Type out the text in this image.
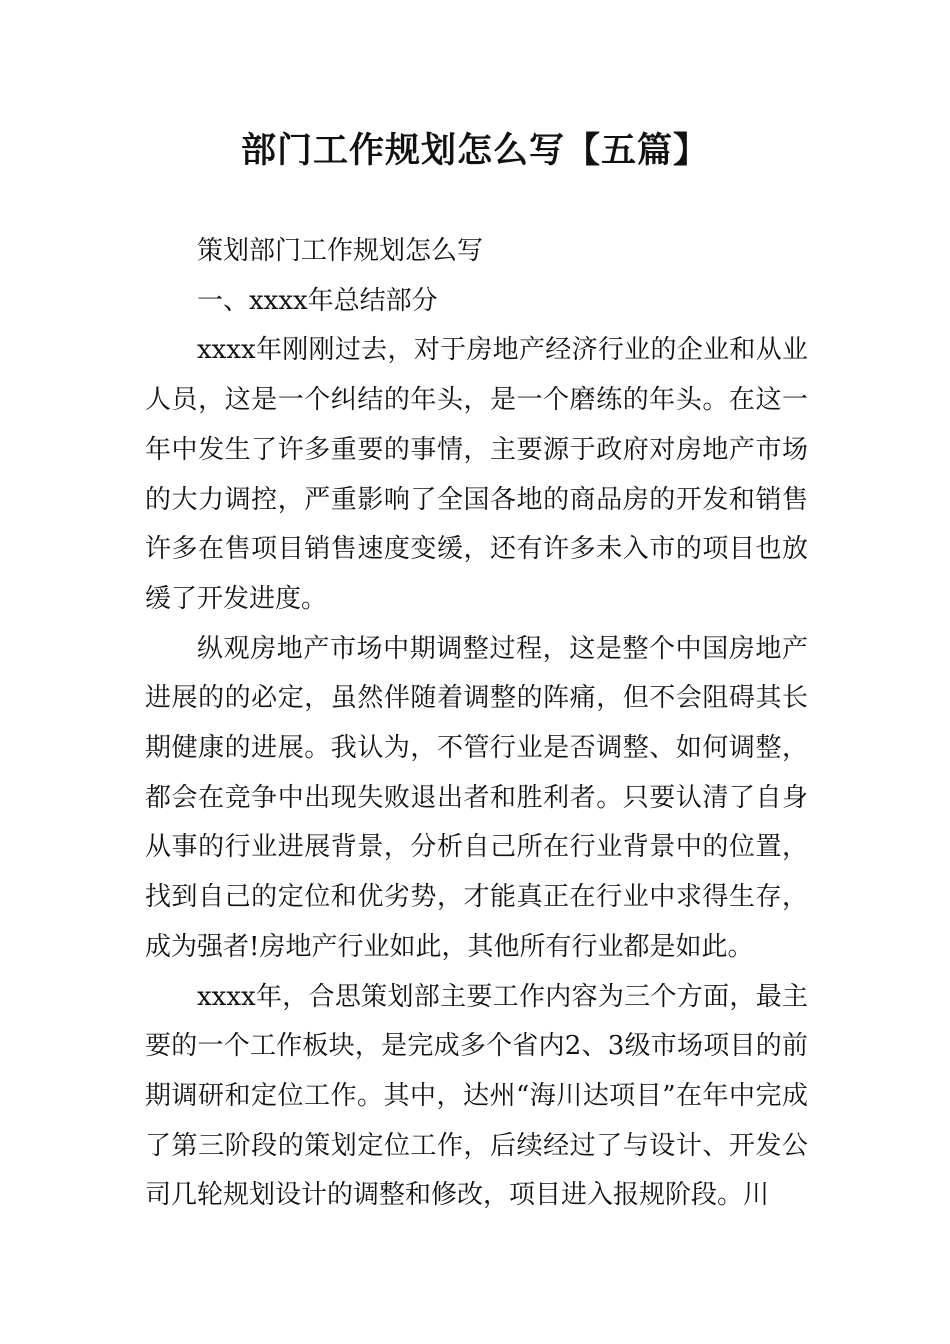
部门工作规划怎么写【五篇】

策划部门工作规划怎么写

一、xxxx年总结部分

xxxx年刚刚过去，对于房地产经济行业的企业和从业人员，这是一个纠结的年头，是一个磨练的年头。在这一年中发生了许多重要的事情，主要源于政府对房地产市场的大力调控，严重影响了全国各地的商品房的开发和销售许多在售项目销售速度变缓，还有许多未入市的项目也放缓了开发进度。

纵观房地产市场中期调整过程，这是整个中国房地产进展的的必定，虽然伴随着调整的阵痛，但不会阻碍其长期健康的进展。我认为，不管行业是否调整、如何调整，都会在竞争中出现失败退出者和胜利者。只要认清了自身从事的行业进展背景，分析自己所在行业背景中的位置，找到自己的定位和优劣势，才能真正在行业中求得生存，成为强者!房地产行业如此，其他所有行业都是如此。

xxxx年，合思策划部主要工作内容为三个方面，最主要的一个工作板块，是完成多个省内2、3级市场项目的前期调研和定位工作。其中，达州“海川达项目”在年中完成了第三阶段的策划定位工作，后续经过了与设计、开发公司几轮规划设计的调整和修改，项目进入报规阶段。川
